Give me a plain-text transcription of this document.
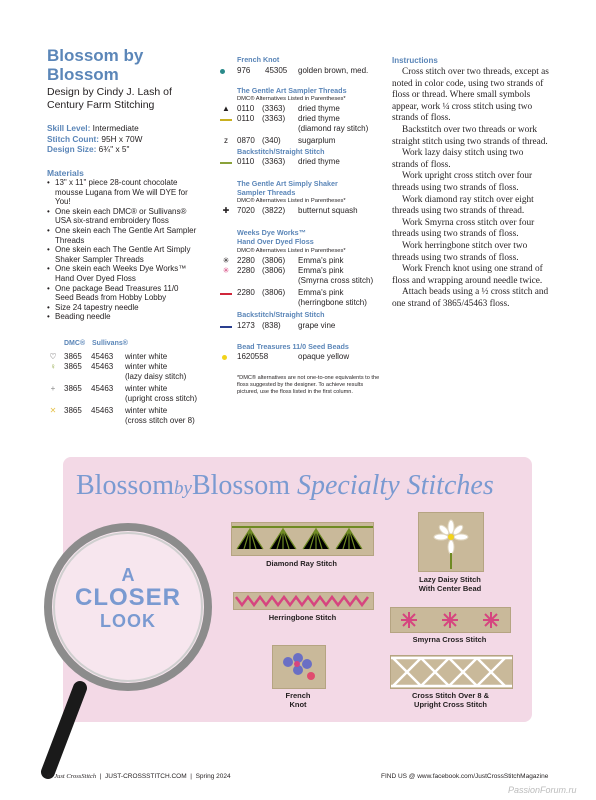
Blossom by
Blossom
Design by Cindy J. Lash of
Century Farm Stitching
Skill Level: Intermediate
Stitch Count: 95H x 70W
Design Size: 6¾" x 5"
Materials
• 13" x 11" piece 28-count chocolate mousse Lugana from We will DYE for You!
• One skein each DMC® or Sullivans® USA six-strand embroidery floss
• One skein each The Gentle Art Sampler Threads
• One skein each The Gentle Art Simply Shaker Sampler Threads
• One skein each Weeks Dye Works™ Hand Over Dyed Floss
• One package Bead Treasures 11/0 Seed Beads from Hobby Lobby
• Size 24 tapestry needle
• Beading needle
DMC® Sullivans®
♡ 3865 45463 winter white
♀	3865 45463 winter white
(lazy daisy stitch)
+	3865 45463 winter white
(upright cross stitch)
✕ 3865 45463 winter white
(cross stitch over 8)
French Knot
976 45305 golden brown, med.
The Gentle Art Sampler Threads
DMC® Alternatives Listed in Parentheses*
▲ 0110 (3363) dried thyme
0110 (3363) dried thyme
(diamond ray stitch)
z	0870 (340) sugarplum
Backstitch/Straight Stitch
0110 (3363) dried thyme
The Gentle Art Simply Shaker
Sampler Threads
DMC® Alternatives Listed in Parentheses*
✚ 7020 (3822) butternut squash
Weeks Dye Works™
Hand Over Dyed Floss
DMC® Alternatives Listed in Parentheses*
✳ 2280 (3806) Emma's pink
✳ 2280 (3806) Emma's pink
(Smyrna cross stitch)
2280 (3806) Emma's pink
(herringbone stitch)
Backstitch/Straight Stitch
1273 (838) grape vine
Bead Treasures 11/0 Seed Beads
1620558	opaque yellow
*DMC® alternatives are not one-to-one equivalents to the floss suggested by the designer. To achieve results pictured, use the floss listed in the first column.
Instructions

Cross stitch over two threads, except as noted in color code, using two strands of floss or thread. Where small symbols appear, work ¼ cross stitch using two strands of floss.

Backstitch over two threads or work straight stitch using two strands of thread.

Work lazy daisy stitch using two strands of floss.

Work upright cross stitch over four threads using two strands of floss.

Work diamond ray stitch over eight threads using two strands of thread.

Work Smyrna cross stitch over four threads using two strands of floss.

Work herringbone stitch over two threads using two strands of floss.

Work French knot using one strand of floss and wrapping around needle twice.

Attach beads using a ½ cross stitch and one strand of 3865/45463 floss.

BlossombyBlossom Specialty Stitches
A
CLOSER
LOOK
Diamond Ray Stitch
Lazy Daisy Stitch
With Center Bead
Herringbone Stitch
Smyrna Cross Stitch
French
Knot
Cross Stitch Over 8 &
Upright Cross Stitch
6 Just CrossStitch  |  JUST-CROSSSTITCH.COM  |  Spring 2024	FIND US @ www.facebook.com/JustCrossStitchMagazine
PassionForum.ru
